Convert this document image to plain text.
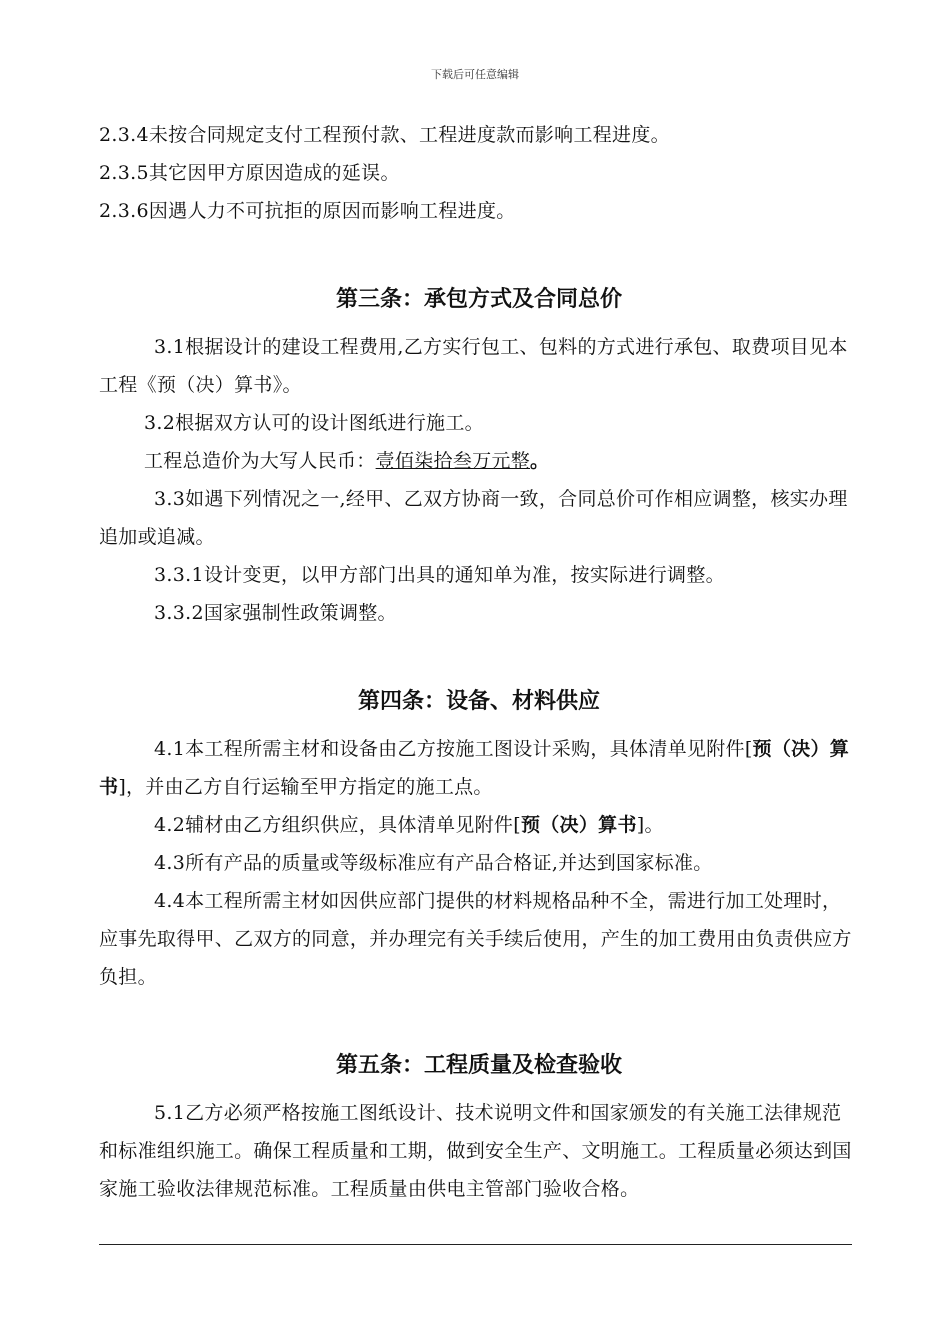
下载后可任意编辑

2.3.4未按合同规定支付工程预付款、工程进度款而影响工程进度。

2.3.5其它因甲方原因造成的延误。

2.3.6因遇人力不可抗拒的原因而影响工程进度。

第三条：承包方式及合同总价

3.1根据设计的建设工程费用,乙方实行包工、包料的方式进行承包、取费项目见本工程《预（决）算书》。

3.2根据双方认可的设计图纸进行施工。

工程总造价为大写人民币：壹佰柒拾叁万元整。

3.3如遇下列情况之一,经甲、乙双方协商一致，合同总价可作相应调整，核实办理追加或追减。

3.3.1设计变更，以甲方部门出具的通知单为准，按实际进行调整。

3.3.2国家强制性政策调整。

第四条：设备、材料供应

4.1本工程所需主材和设备由乙方按施工图设计采购，具体清单见附件[预（决）算书]，并由乙方自行运输至甲方指定的施工点。

4.2辅材由乙方组织供应，具体清单见附件[预（决）算书]。

4.3所有产品的质量或等级标准应有产品合格证,并达到国家标准。

4.4本工程所需主材如因供应部门提供的材料规格品种不全，需进行加工处理时，应事先取得甲、乙双方的同意，并办理完有关手续后使用，产生的加工费用由负责供应方负担。

第五条：工程质量及检查验收

5.1乙方必须严格按施工图纸设计、技术说明文件和国家颁发的有关施工法律规范和标准组织施工。确保工程质量和工期，做到安全生产、文明施工。工程质量必须达到国家施工验收法律规范标准。工程质量由供电主管部门验收合格。
